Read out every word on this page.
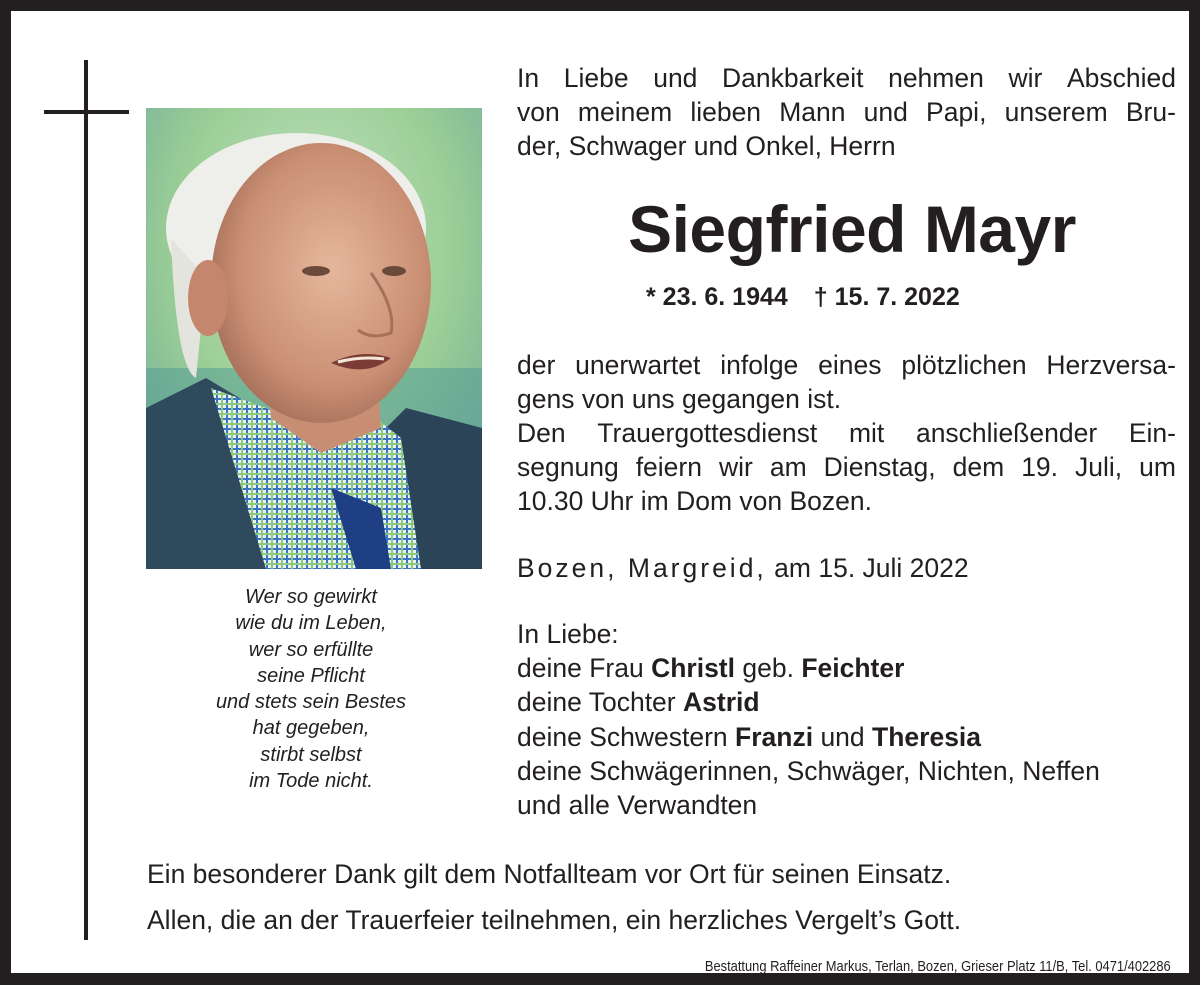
Wer so gewirkt
wie du im Leben,
wer so erfüllte
seine Pflicht
und stets sein Bestes
hat gegeben,
stirbt selbst
im Tode nicht.
In Liebe und Dankbarkeit nehmen wir Abschied
von meinem lieben Mann und Papi, unserem Bru-
der, Schwager und Onkel, Herrn
Siegfried Mayr
* 23. 6. 1944 † 15. 7. 2022
der unerwartet infolge eines plötzlichen Herzversa-
gens von uns gegangen ist.
Den Trauergottesdienst mit anschließender Ein-
segnung feiern wir am Dienstag, dem 19. Juli, um
10.30 Uhr im Dom von Bozen.
Bozen, Margreid, am 15. Juli 2022
In Liebe:
deine Frau Christl geb. Feichter
deine Tochter Astrid
deine Schwestern Franzi und Theresia
deine Schwägerinnen, Schwäger, Nichten, Neffen
und alle Verwandten
Ein besonderer Dank gilt dem Notfallteam vor Ort für seinen Einsatz.
Allen, die an der Trauerfeier teilnehmen, ein herzliches Vergelt’s Gott.
Bestattung Raffeiner Markus, Terlan, Bozen, Grieser Platz 11/B, Tel. 0471/402286
